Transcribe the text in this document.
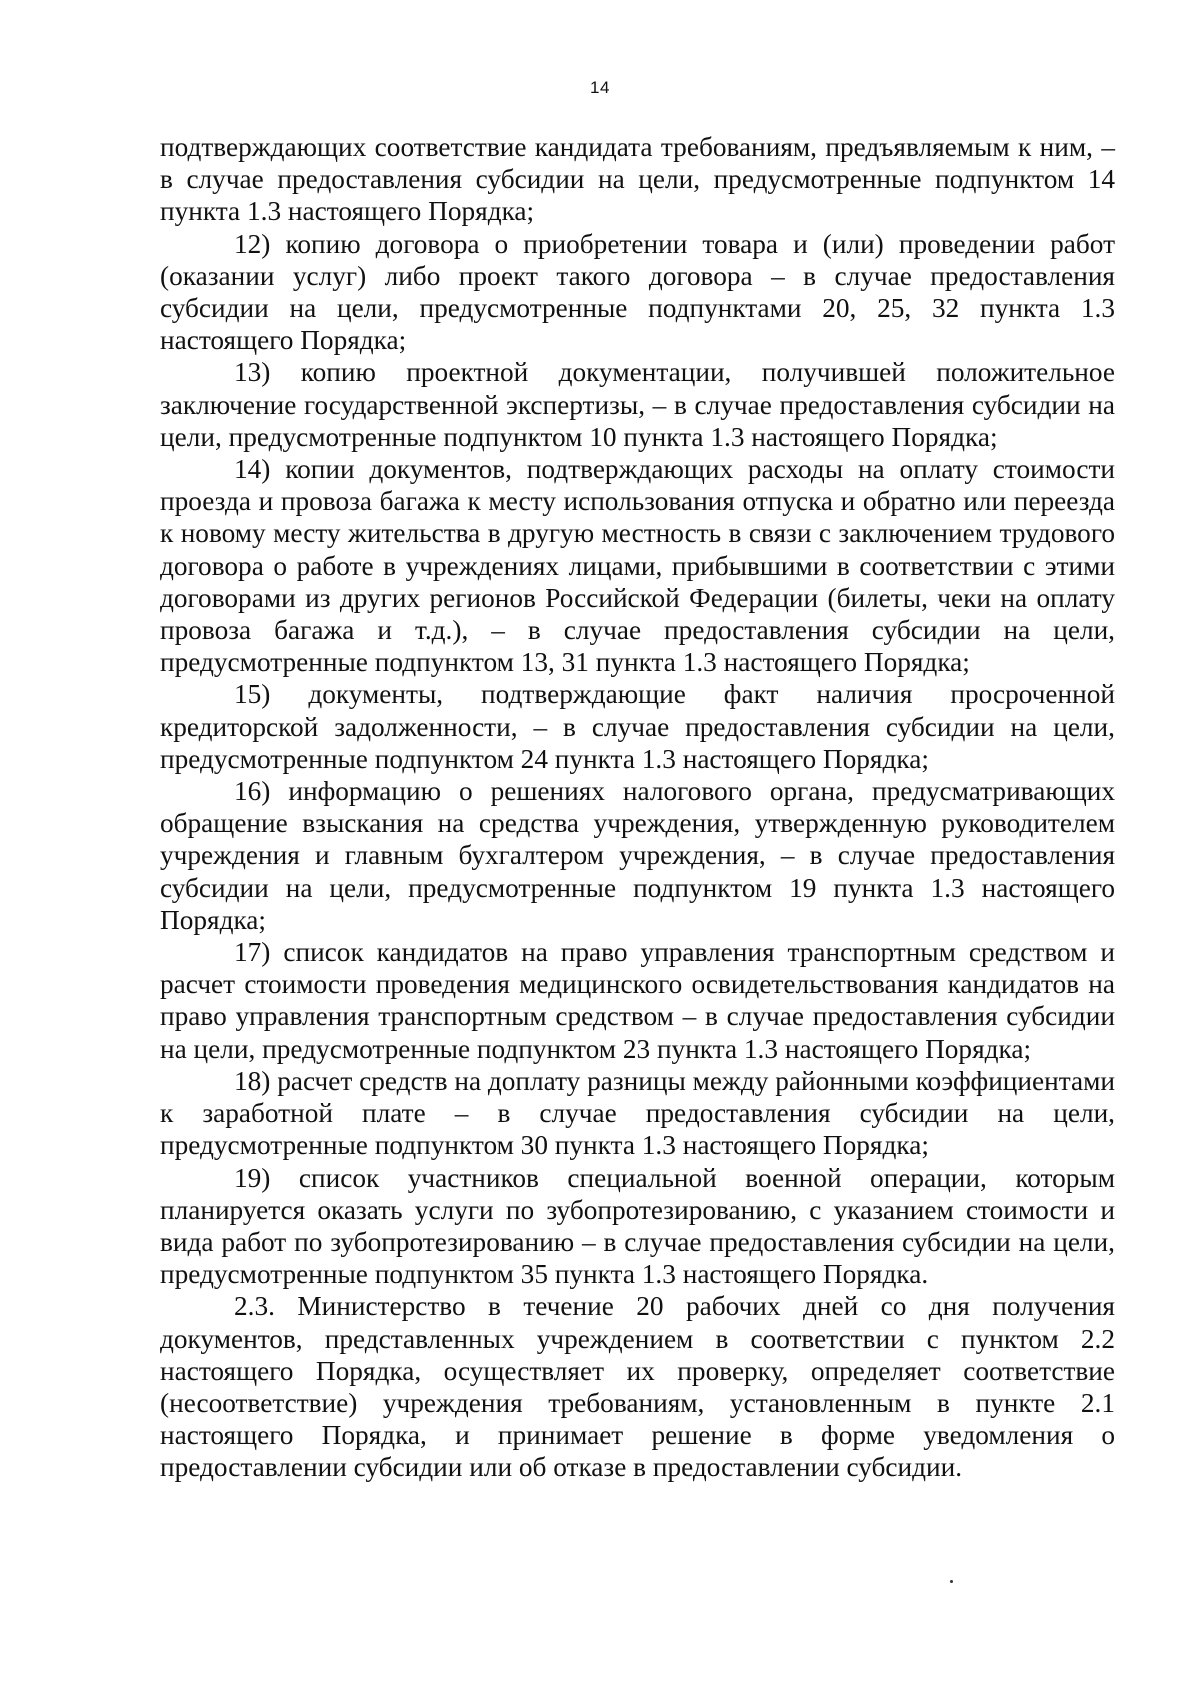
14

подтверждающих соответствие кандидата требованиям, предъявляемым к ним, – в случае предоставления субсидии на цели, предусмотренные подпунктом 14 пункта 1.3 настоящего Порядка;

12) копию договора о приобретении товара и (или) проведении работ (оказании услуг) либо проект такого договора – в случае предоставления субсидии на цели, предусмотренные подпунктами 20, 25, 32 пункта 1.3 настоящего Порядка;

13) копию проектной документации, получившей положительное заключение государственной экспертизы, – в случае предоставления субсидии на цели, предусмотренные подпунктом 10 пункта 1.3 настоящего Порядка;

14) копии документов, подтверждающих расходы на оплату стоимости проезда и провоза багажа к месту использования отпуска и обратно или переезда к новому месту жительства в другую местность в связи с заключением трудового договора о работе в учреждениях лицами, прибывшими в соответствии с этими договорами из других регионов Российской Федерации (билеты, чеки на оплату провоза багажа и т.д.), – в случае предоставления субсидии на цели, предусмотренные подпунктом 13, 31 пункта 1.3 настоящего Порядка;

15) документы, подтверждающие факт наличия просроченной кредиторской задолженности, – в случае предоставления субсидии на цели, предусмотренные подпунктом 24 пункта 1.3 настоящего Порядка;

16) информацию о решениях налогового органа, предусматривающих обращение взыскания на средства учреждения, утвержденную руководителем учреждения и главным бухгалтером учреждения, – в случае предоставления субсидии на цели, предусмотренные подпунктом 19 пункта 1.3 настоящего Порядка;

17) список кандидатов на право управления транспортным средством и расчет стоимости проведения медицинского освидетельствования кандидатов на право управления транспортным средством – в случае предоставления субсидии на цели, предусмотренные подпунктом 23 пункта 1.3 настоящего Порядка;

18) расчет средств на доплату разницы между районными коэффициентами к заработной плате – в случае предоставления субсидии на цели, предусмотренные подпунктом 30 пункта 1.3 настоящего Порядка;

19) список участников специальной военной операции, которым планируется оказать услуги по зубопротезированию, с указанием стоимости и вида работ по зубопротезированию – в случае предоставления субсидии на цели, предусмотренные подпунктом 35 пункта 1.3 настоящего Порядка.

2.3. Министерство в течение 20 рабочих дней со дня получения документов, представленных учреждением в соответствии с пунктом 2.2 настоящего Порядка, осуществляет их проверку, определяет соответствие (несоответствие) учреждения требованиям, установленным в пункте 2.1 настоящего Порядка, и принимает решение в форме уведомления о предоставлении субсидии или об отказе в предоставлении субсидии.
